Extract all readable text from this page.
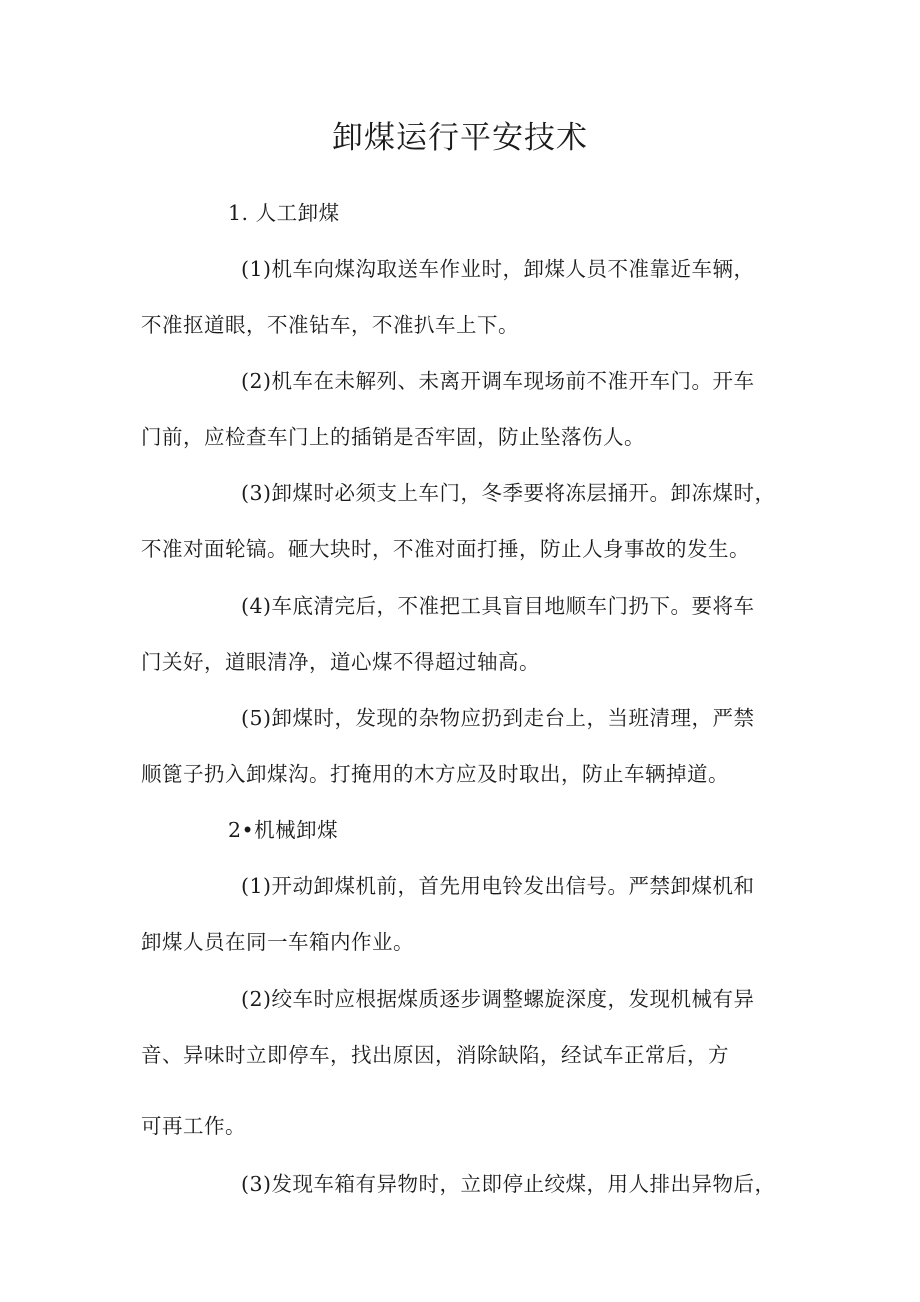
卸煤运行平安技术
1. 人工卸煤
(1)机车向煤沟取送车作业时，卸煤人员不准靠近车辆，
不准抠道眼，不准钻车，不准扒车上下。
(2)机车在未解列、未离开调车现场前不准开车门。开车
门前，应检查车门上的插销是否牢固，防止坠落伤人。
(3)卸煤时必须支上车门，冬季要将冻层捅开。卸冻煤时，
不准对面轮镐。砸大块时，不准对面打捶，防止人身事故的发生。
(4)车底清完后，不准把工具盲目地顺车门扔下。要将车
门关好，道眼清净，道心煤不得超过轴高。
(5)卸煤时，发现的杂物应扔到走台上，当班清理，严禁
顺篦子扔入卸煤沟。打掩用的木方应及时取出，防止车辆掉道。
2•机械卸煤
(1)开动卸煤机前，首先用电铃发出信号。严禁卸煤机和
卸煤人员在同一车箱内作业。
(2)绞车时应根据煤质逐步调整螺旋深度，发现机械有异
音、异味时立即停车，找出原因，消除缺陷，经试车正常后，方
可再工作。
(3)发现车箱有异物时，立即停止绞煤，用人排出异物后，
